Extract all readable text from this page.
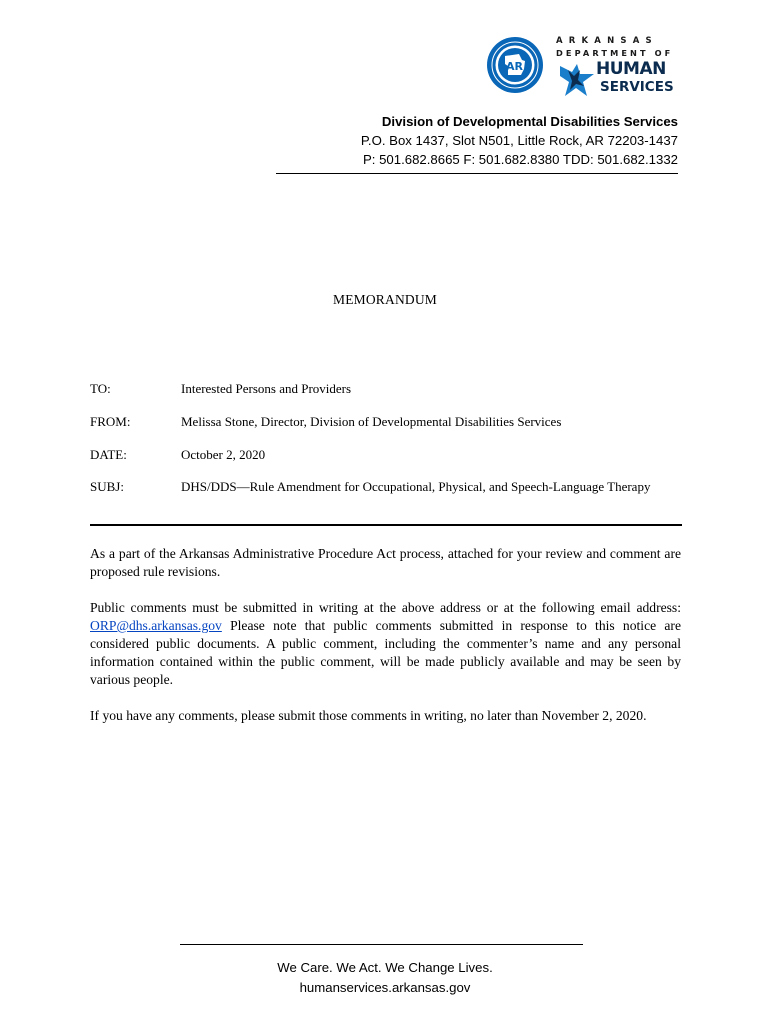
AR
ARKANSAS
DEPARTMENT OF
HUMAN
SERVICES
Division of Developmental Disabilities Services
P.O. Box 1437, Slot N501, Little Rock, AR 72203-1437
P: 501.682.8665 F: 501.682.8380 TDD: 501.682.1332
MEMORANDUM
TO:	Interested Persons and Providers
FROM:	Melissa Stone, Director, Division of Developmental Disabilities Services
DATE:	October 2, 2020
SUBJ:	DHS/DDS—Rule Amendment for Occupational, Physical, and Speech-Language Therapy
As a part of the Arkansas Administrative Procedure Act process, attached for your review and comment are proposed rule revisions.
Public comments must be submitted in writing at the above address or at the following email address: ORP@dhs.arkansas.gov Please note that public comments submitted in response to this notice are considered public documents. A public comment, including the commenter’s name and any personal information contained within the public comment, will be made publicly available and may be seen by various people.
If you have any comments, please submit those comments in writing, no later than November 2, 2020.
We Care. We Act. We Change Lives.
humanservices.arkansas.gov
